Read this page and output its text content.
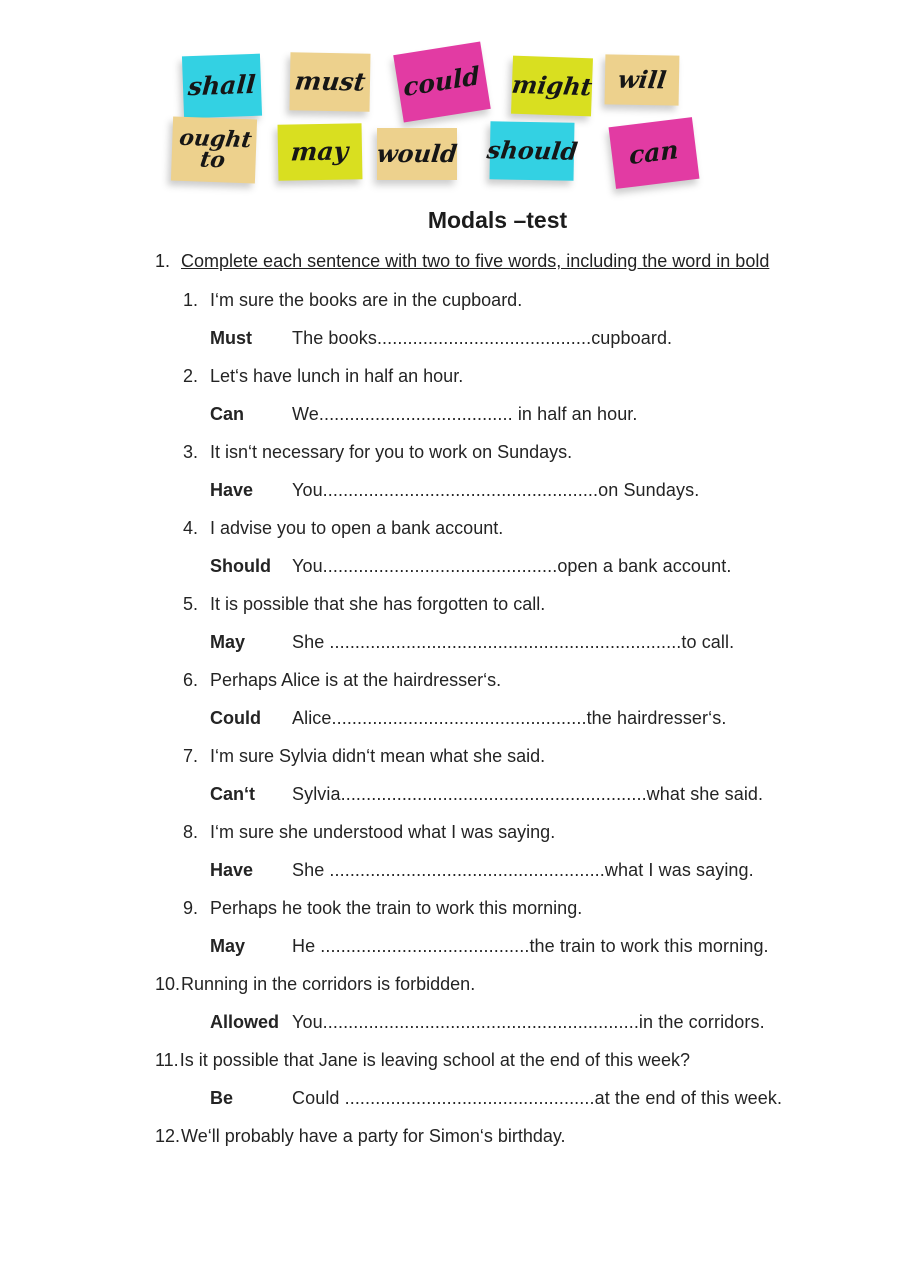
shall must could might will
ought to	may would should can
Modals –test
1. Complete each sentence with two to five words, including the word in bold
1. I‘m sure the books are in the cupboard.
Must	The books..........................................cupboard.
2. Let‘s have lunch in half an hour.
Can	We...................................... in half an hour.
3. It isn‘t necessary for you to work on Sundays.
Have	You......................................................on Sundays.
4. I advise you to open a bank account.
Should	You..............................................open a bank account.
5. It is possible that she has forgotten to call.
May	She .....................................................................to call.
6. Perhaps Alice is at the hairdresser‘s.
Could	Alice..................................................the hairdresser‘s.
7. I‘m sure Sylvia didn‘t mean what she said.
Can‘t	Sylvia............................................................what she said.
8. I‘m sure she understood what I was saying.
Have	She ......................................................what I was saying.
9. Perhaps he took the train to work this morning.
May	He .........................................the train to work this morning.
10. Running in the corridors is forbidden.
Allowed You..............................................................in the corridors.
11. Is it possible that Jane is leaving school at the end of this week?
Be	Could .................................................at the end of this week.
12. We‘ll probably have a party for Simon‘s birthday.
